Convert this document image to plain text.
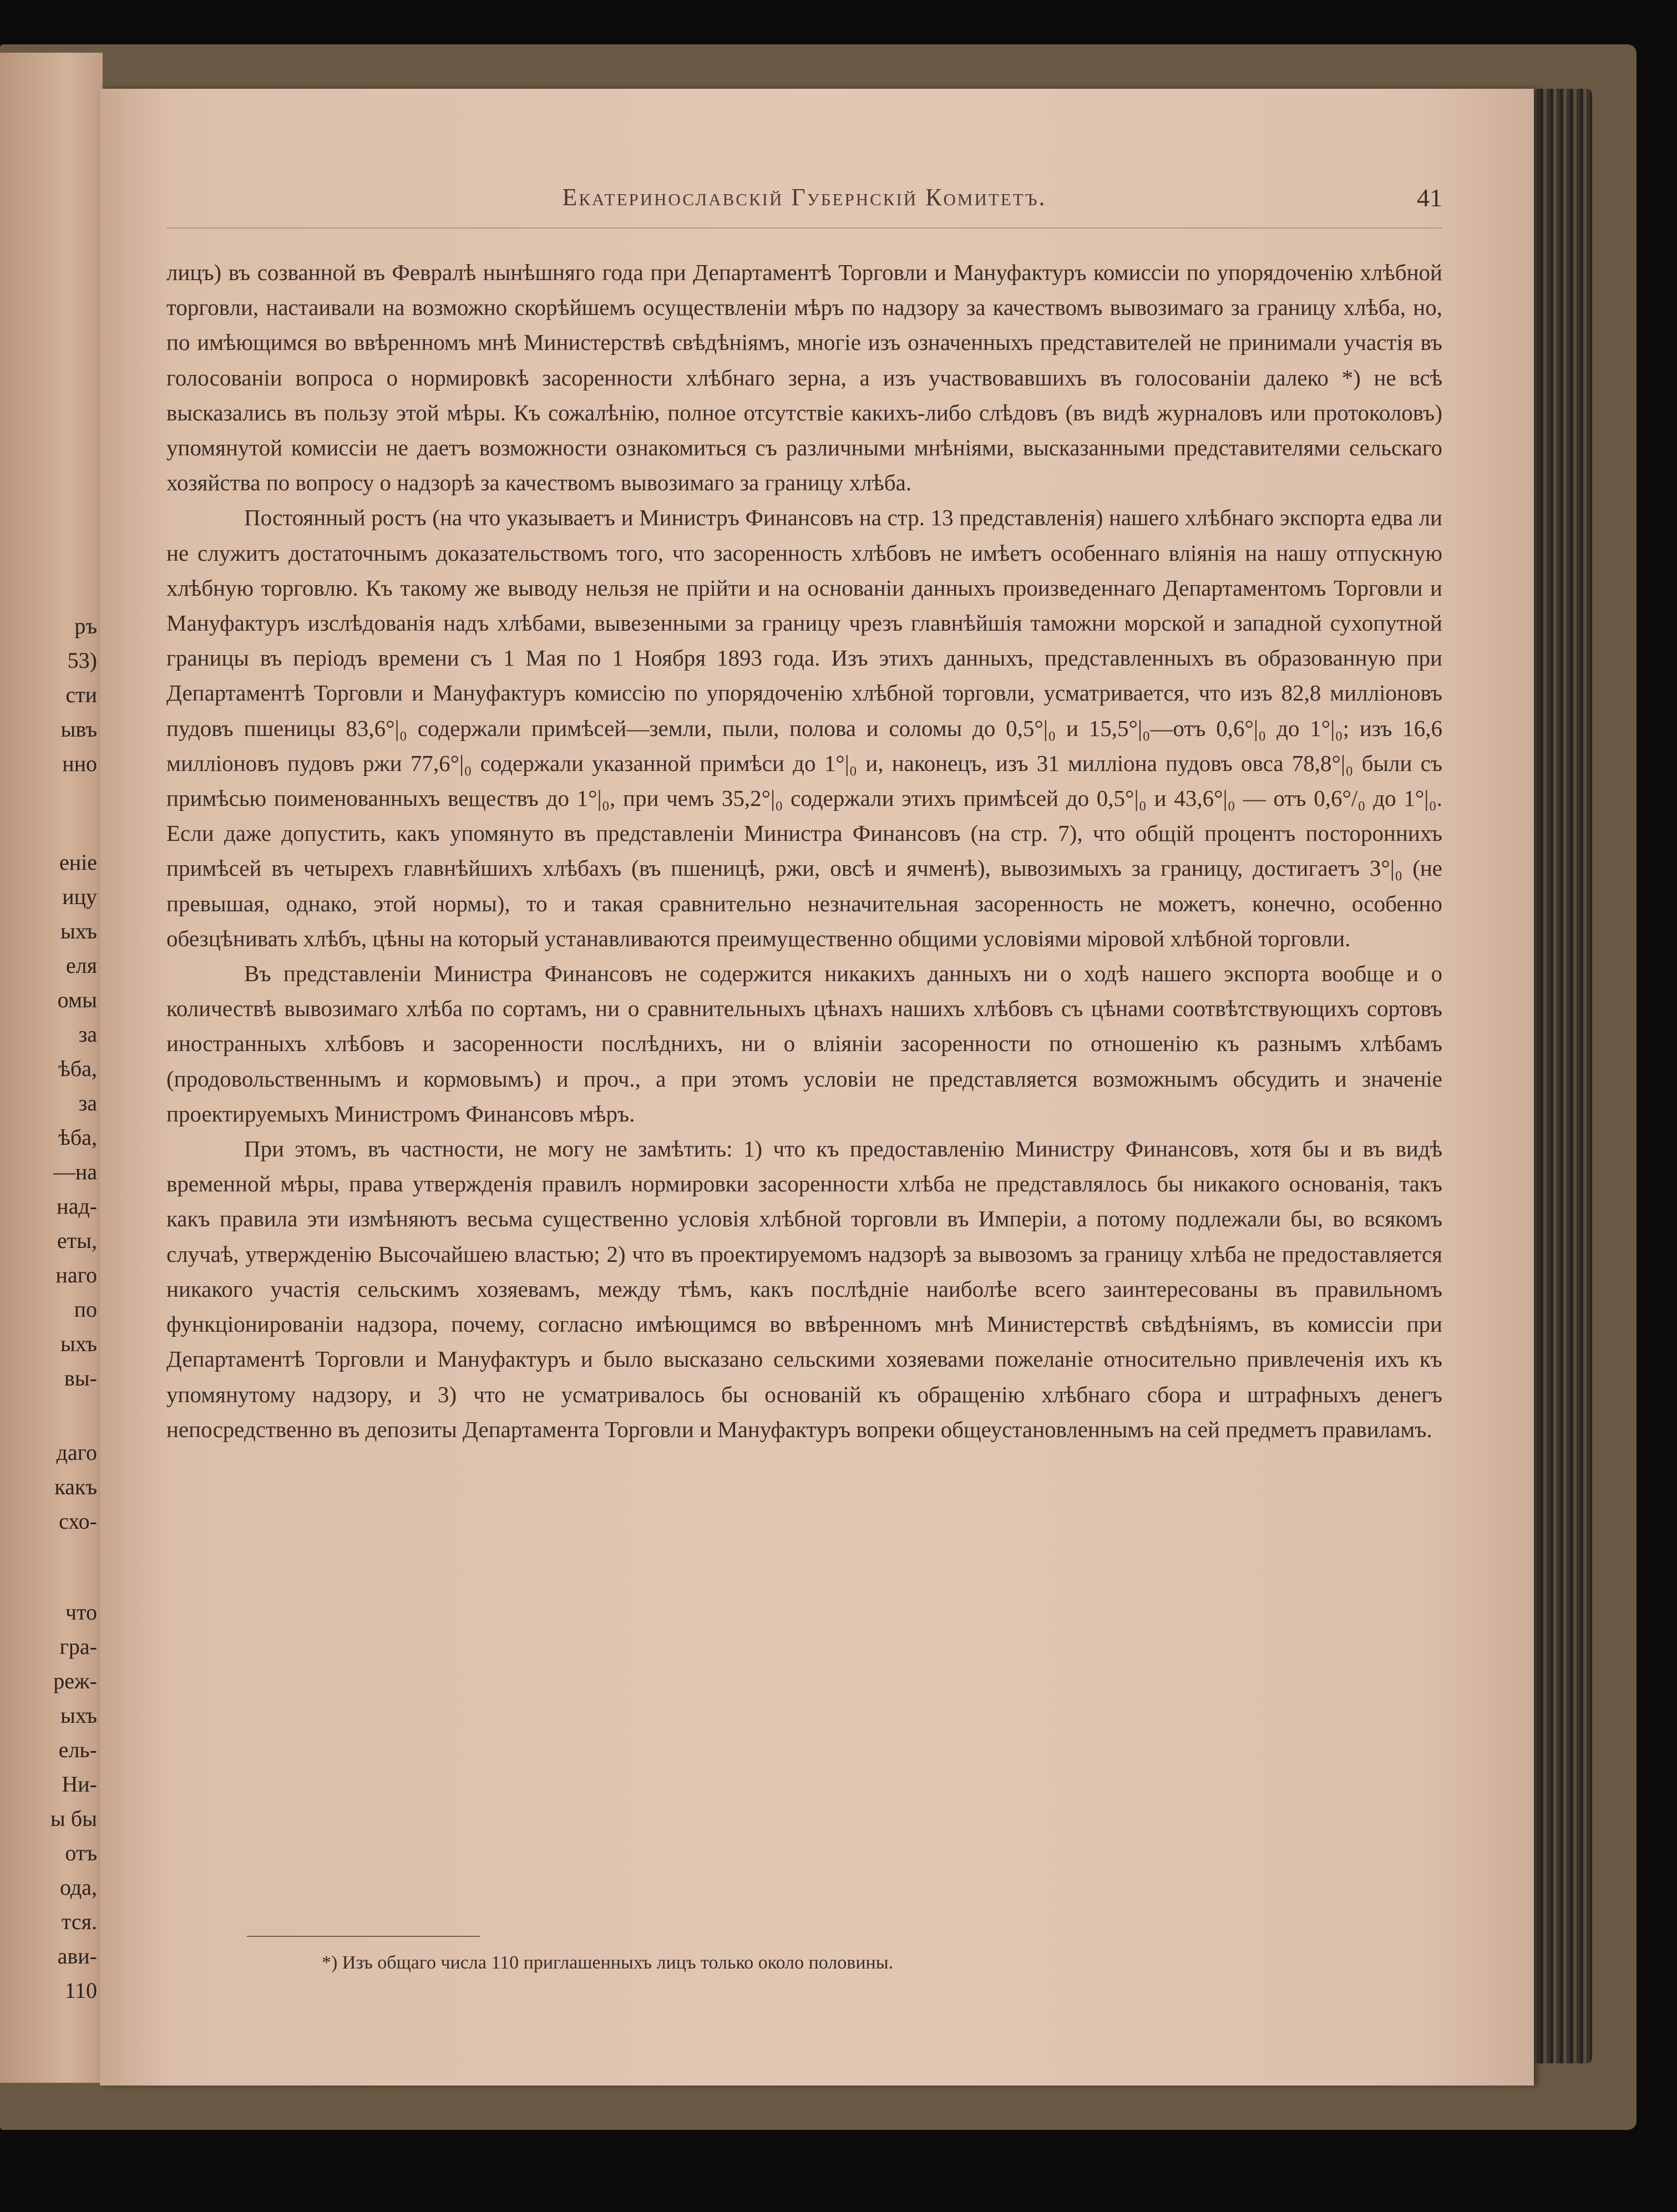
ръ
53)
сти
ывъ
нно
еніе
ицу
ыхъ
еля
омы
за
ѣба,
за
ѣба,
—на
над-
еты,
наго
по
ыхъ
вы-
даго
какъ
схо-
что
гра-
реж-
ыхъ
ель-
Ни-
ы бы
отъ
ода,
тся.
ави-
110
Екатеринославскій Губернскій Комитетъ.	41

лицъ) въ созванной въ Февралѣ нынѣшняго года при Департаментѣ Торговли и Мануфактуръ комиссіи по упорядоченію хлѣбной торговли, настаивали на возможно скорѣйшемъ осуществленіи мѣръ по надзору за качествомъ вывозимаго за границу хлѣба, но, по имѣющимся во ввѣренномъ мнѣ Министерствѣ свѣдѣніямъ, многіе изъ означенныхъ представителей не принимали участія въ голосованіи вопроса о нормировкѣ засоренности хлѣбнаго зерна, а изъ участвовавшихъ въ голосованіи далеко *) не всѣ высказались въ пользу этой мѣры. Къ сожалѣнію, полное отсутствіе какихъ-либо слѣдовъ (въ видѣ журналовъ или протоколовъ) упомянутой комиссіи не даетъ возможности ознакомиться съ различными мнѣніями, высказанными представителями сельскаго хозяйства по вопросу о надзорѣ за качествомъ вывозимаго за границу хлѣба.

Постоянный ростъ (на что указываетъ и Министръ Финансовъ на стр. 13 представленія) нашего хлѣбнаго экспорта едва ли не служитъ достаточнымъ доказательствомъ того, что засоренность хлѣбовъ не имѣетъ особеннаго вліянія на нашу отпускную хлѣбную торговлю. Къ такому же выводу нельзя не прійти и на основаніи данныхъ произведеннаго Департаментомъ Торговли и Мануфактуръ изслѣдованія надъ хлѣбами, вывезенными за границу чрезъ главнѣйшія таможни морской и западной сухопутной границы въ періодъ времени съ 1 Мая по 1 Ноября 1893 года. Изъ этихъ данныхъ, представленныхъ въ образованную при Департаментѣ Торговли и Мануфактуръ комиссію по упорядоченію хлѣбной торговли, усматривается, что изъ 82,8 милліоновъ пудовъ пшеницы 83,6°|₀ содержали примѣсей—земли, пыли, полова и соломы до 0,5°|₀ и 15,5°|₀—отъ 0,6°|₀ до 1°|₀; изъ 16,6 милліоновъ пудовъ ржи 77,6°|₀ содержали указанной примѣси до 1°|₀ и, наконецъ, изъ 31 милліона пудовъ овса 78,8°|₀ были съ примѣсью поименованныхъ веществъ до 1°|₀, при чемъ 35,2°|₀ содержали этихъ примѣсей до 0,5°|₀ и 43,6°|₀ — отъ 0,6°/₀ до 1°|₀. Если даже допустить, какъ упомянуто въ представленіи Министра Финансовъ (на стр. 7), что общій процентъ постороннихъ примѣсей въ четырехъ главнѣйшихъ хлѣбахъ (въ пшеницѣ, ржи, овсѣ и ячменѣ), вывозимыхъ за границу, достигаетъ 3°|₀ (не превышая, однако, этой нормы), то и такая сравнительно незначительная засоренность не можетъ, конечно, особенно обезцѣнивать хлѣбъ, цѣны на который устанавливаются преимущественно общими условіями міровой хлѣбной торговли.

Въ представленіи Министра Финансовъ не содержится никакихъ данныхъ ни о ходѣ нашего экспорта вообще и о количествѣ вывозимаго хлѣба по сортамъ, ни о сравнительныхъ цѣнахъ нашихъ хлѣбовъ съ цѣнами соотвѣтствующихъ сортовъ иностранныхъ хлѣбовъ и засоренности послѣднихъ, ни о вліяніи засоренности по отношенію къ разнымъ хлѣбамъ (продовольственнымъ и кормовымъ) и проч., а при этомъ условіи не представляется возможнымъ обсудить и значеніе проектируемыхъ Министромъ Финансовъ мѣръ.

При этомъ, въ частности, не могу не замѣтить: 1) что къ предоставленію Министру Финансовъ, хотя бы и въ видѣ временной мѣры, права утвержденія правилъ нормировки засоренности хлѣба не представлялось бы никакого основанія, такъ какъ правила эти измѣняютъ весьма существенно условія хлѣбной торговли въ Имперіи, а потому подлежали бы, во всякомъ случаѣ, утвержденію Высочайшею властью; 2) что въ проектируемомъ надзорѣ за вывозомъ за границу хлѣба не предоставляется никакого участія сельскимъ хозяевамъ, между тѣмъ, какъ послѣдніе наиболѣе всего заинтересованы въ правильномъ функціонированіи надзора, почему, согласно имѣющимся во ввѣренномъ мнѣ Министерствѣ свѣдѣніямъ, въ комиссіи при Департаментѣ Торговли и Мануфактуръ и было высказано сельскими хозяевами пожеланіе относительно привлеченія ихъ къ упомянутому надзору, и 3) что не усматривалось бы основаній къ обращенію хлѣбнаго сбора и штрафныхъ денегъ непосредственно въ депозиты Департамента Торговли и Мануфактуръ вопреки общеустановленнымъ на сей предметъ правиламъ.

*) Изъ общаго числа 110 приглашенныхъ лицъ только около половины.
